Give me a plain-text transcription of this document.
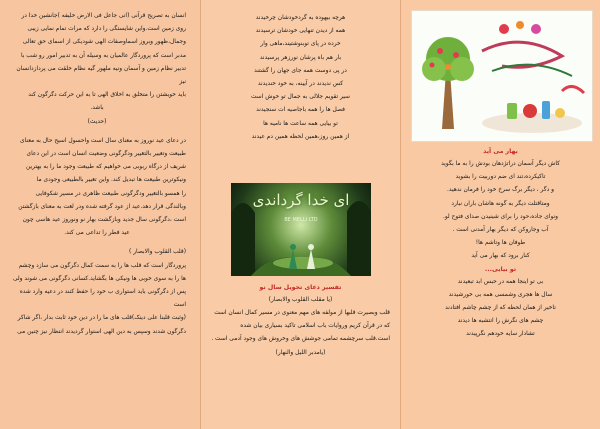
انسان به تصریح قرآنی (انی جاعل فی الارض خلیفه )جانشین خدا در

روی زمین است.واین شایستگی را دارد که مرات تمام نمایی زیبی

وجمال،ظهور وبروز اسماوصفات الهی شودیکی از اسمای حق تعالی

مدبر است که پروردگار عالمیان به وسیله آن به تدبیر امور رو شب با

تدبیر نظام زمین و آسمان ونیه ملهور گیه نظام خلقت می پردازدانسان نیز

باید خویشتن را متخلق به اخلاق الهی تا به این حرکت دگرگون کند

باشد.

(حدیث)

در دعای عید نوروز به معنای سال است واحسول اسیح حال به معنای

طبیعت وتغییر بالتغییر ودگرگونی وضعیت انسان است در این دعای

شریف از درگاه ربوبی می خواهیم که طبیعت وجود ما را به بهترین

ونیکوترین طبیعت ها تبدیل کند. واین تغییر بالطبیعی وجودی ما

را همسو بالتغییر ودگرگونی طبیعت ظاهری در مسیر شکوفایی

وبالندگی قرار دهد.عید از عود گرفته شده ودر لغت به معنای بازگشتن

است ،دگرگونی سال جدید وبازگشت بهار نو ونوروز عید هاسی چون

عید فطر را تداعی می کند.

(قلب القلوب والابصار )

پروردگار است که قلب ها را به سمت کمال دگرگون می سازد وچشم

ها را به سوی خوبی ها ونیکی ها بگشاید.کسانی دگرگونی می شوند ولی

پس از دگرگونی باید استواری ب خود را حفظ کنند در دعیه وارد شده است

(وثبت قلبنا علی دینک)قلب های ما را در دین خود ثابت بدار ،اگر شاکر

دگرگون شدند وسپس به دین الهی استوار گردیدند انتظار نیز چنین می

هرچه بیهوده به گردخودشان چرخیدند

همه از دیدن تنهایی خودشان ترسیدند

خرده در پای توبنوشتیند،ماهی وار

بار هم باه پرشان نورزهر پرسیدند

در پی دوست همه جای جهان را گشتند

کس ندیدند در آیینه، به خود خندیدند

سیر تقویم جلالی به جمال تو خوش است

فصل ها را همه باجاصیه ات سنجیدند

تو بیایی همه ساعت ها نامیه ها

از همین روز،همین لحظه همین دم عیدند

ای خدا گرداندی
BE MELLI LTD

تفسیر دعای تحویل سال نو

(یا مقلب القلوب والابصار)

قلب وبصیرت قلبها از مولفه های مهم معنوی در مسیر کمال انسان است

که در قرآن کریم وروایات باب اسلامی تاکید بسیاری بیان شده

است.قلب سرچشمه تمامی جوشش های وخروش های وجود آدمی است .

(یامدبر اللیل والنهار)

بهار می آید

کاش دیگر آسمان دراتژدهان بودش را به ما بگوید

تاکیکرده،تند ای ضم دوربیت را بشوید

و دگر ، دیگر برگ سرخ خود را فرمان ندهید.

ومتاقتلت دیگر به گونه هاشان باران نبارد

ونوای جاده،حود را برای شینیدن صدای فتوح لو.

آب وجاروکن که دیگر بهار آمدنی است .

طوفان ها وتاشم ها!

کنار برود که بهار می آید

تو بیایی...

بی تو اینجا همه در حبس ابد تبعیدند

سال ها هجری وشمسی همه بی خورشیدند

تاخیر از همان لحظه که از چشم چاشم افتادند

چشم های نگرش را انتشبه ها دیدند

تشادار سایه خودهم نگرپیدند
